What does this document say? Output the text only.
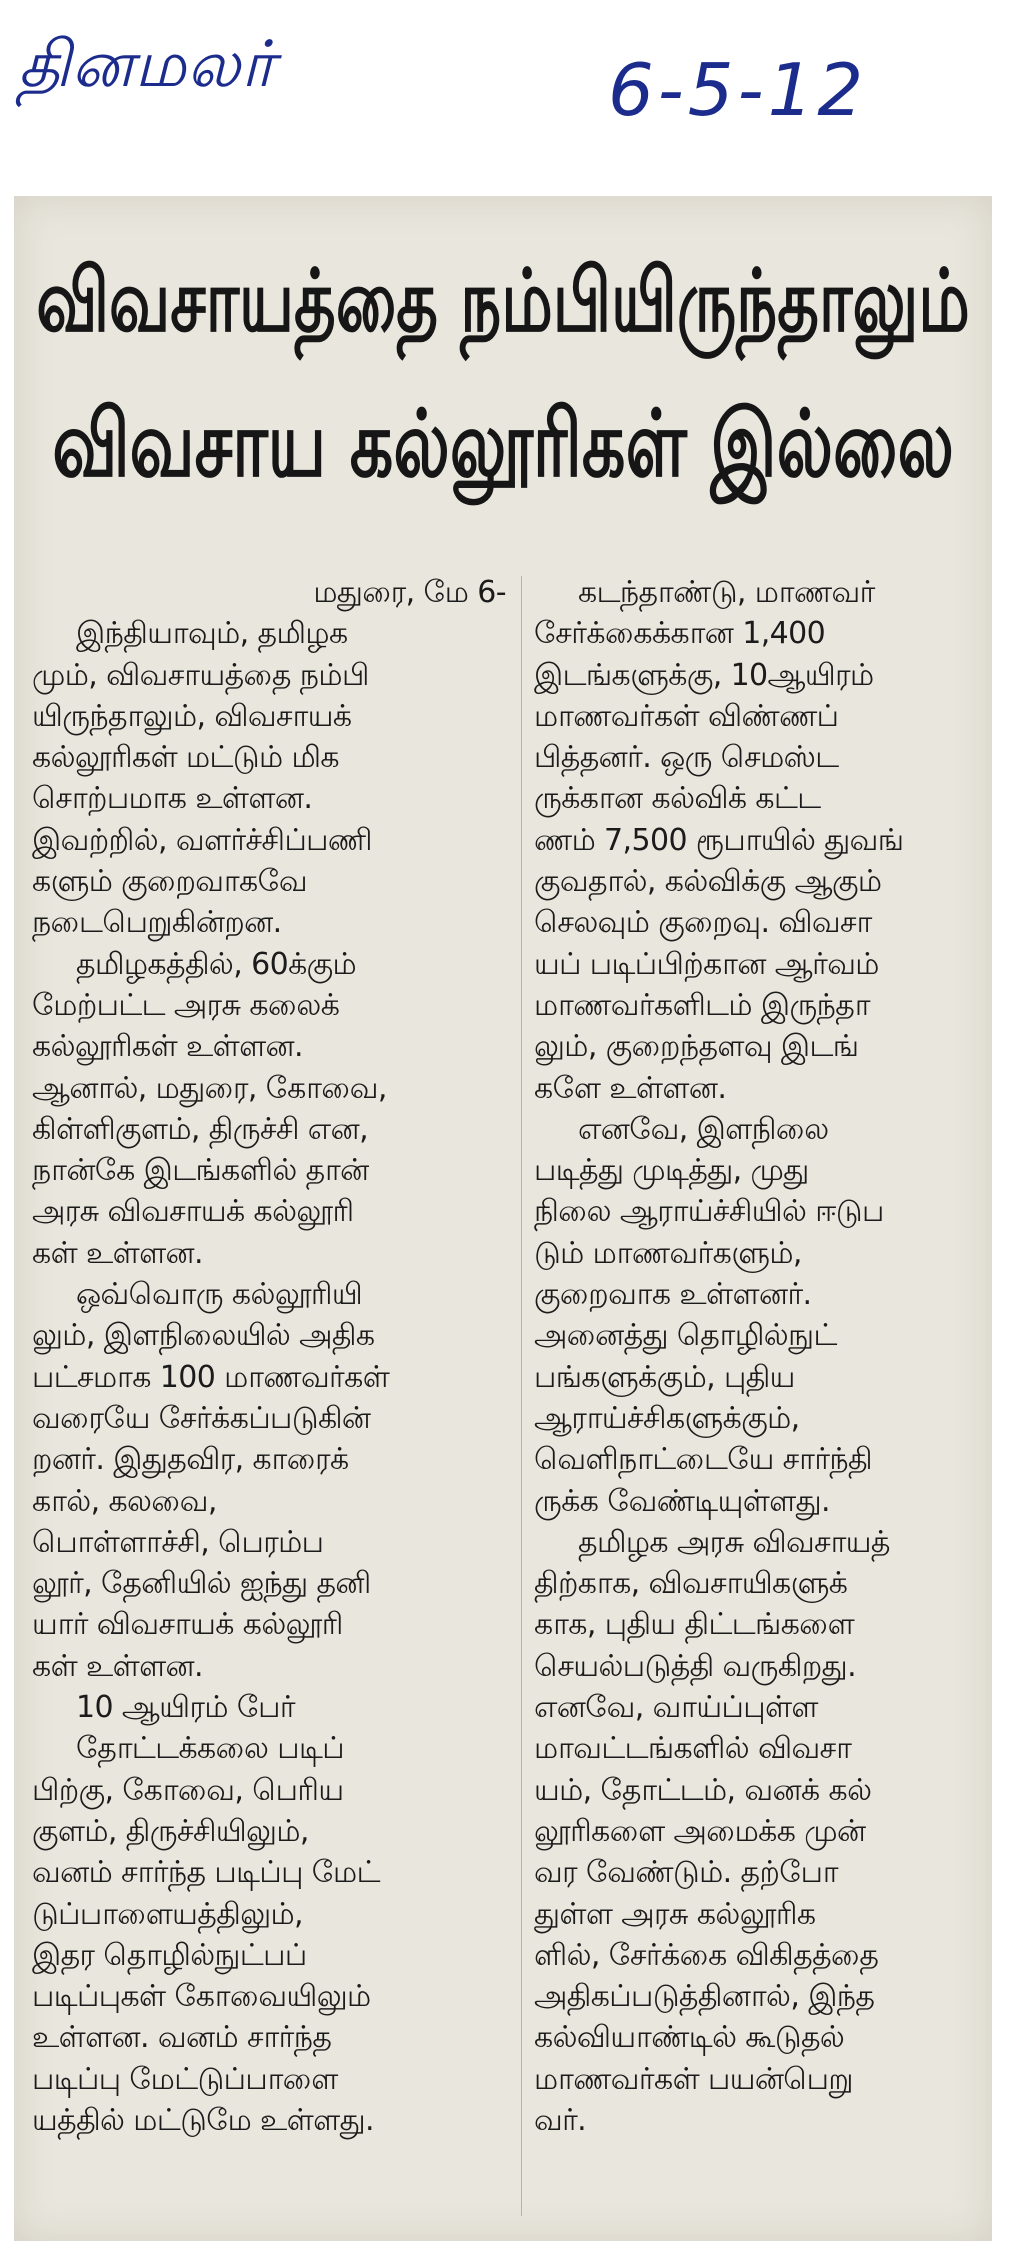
தினமலர்	6-5-12
விவசாயத்தை நம்பியிருந்தாலும்
விவசாய கல்லூரிகள் இல்லை
மதுரை, மே 6-
இந்தியாவும், தமிழக
மும், விவசாயத்தை நம்பி
யிருந்தாலும், விவசாயக்
கல்லூரிகள் மட்டும் மிக
சொற்பமாக உள்ளன.
இவற்றில், வளர்ச்சிப்பணி
களும் குறைவாகவே
நடைபெறுகின்றன.
தமிழகத்தில், 60க்கும்
மேற்பட்ட அரசு கலைக்
கல்லூரிகள் உள்ளன.
ஆனால், மதுரை, கோவை,
கிள்ளிகுளம், திருச்சி என,
நான்கே இடங்களில் தான்
அரசு விவசாயக் கல்லூரி
கள் உள்ளன.
ஒவ்வொரு கல்லூரியி
லும், இளநிலையில் அதிக
பட்சமாக 100 மாணவர்கள்
வரையே சேர்க்கப்படுகின்
றனர். இதுதவிர, காரைக்
கால், கலவை,
பொள்ளாச்சி, பெரம்ப
லூர், தேனியில் ஐந்து தனி
யார் விவசாயக் கல்லூரி
கள் உள்ளன.
10 ஆயிரம் பேர்
தோட்டக்கலை படிப்
பிற்கு, கோவை, பெரிய
குளம், திருச்சியிலும்,
வனம் சார்ந்த படிப்பு மேட்
டுப்பாளையத்திலும்,
இதர தொழில்நுட்பப்
படிப்புகள் கோவையிலும்
உள்ளன. வனம் சார்ந்த
படிப்பு மேட்டுப்பாளை
யத்தில் மட்டுமே உள்ளது.
கடந்தாண்டு, மாணவர்
சேர்க்கைக்கான 1,400
இடங்களுக்கு, 10ஆயிரம்
மாணவர்கள் விண்ணப்
பித்தனர். ஒரு செமஸ்ட
ருக்கான கல்விக் கட்ட
ணம் 7,500 ரூபாயில் துவங்
குவதால், கல்விக்கு ஆகும்
செலவும் குறைவு. விவசா
யப் படிப்பிற்கான ஆர்வம்
மாணவர்களிடம் இருந்தா
லும், குறைந்தளவு இடங்
களே உள்ளன.
எனவே, இளநிலை
படித்து முடித்து, முது
நிலை ஆராய்ச்சியில் ஈடுப
டும் மாணவர்களும்,
குறைவாக உள்ளனர்.
அனைத்து தொழில்நுட்
பங்களுக்கும், புதிய
ஆராய்ச்சிகளுக்கும்,
வெளிநாட்டையே சார்ந்தி
ருக்க வேண்டியுள்ளது.
தமிழக அரசு விவசாயத்
திற்காக, விவசாயிகளுக்
காக, புதிய திட்டங்களை
செயல்படுத்தி வருகிறது.
எனவே, வாய்ப்புள்ள
மாவட்டங்களில் விவசா
யம், தோட்டம், வனக் கல்
லூரிகளை அமைக்க முன்
வர வேண்டும். தற்போ
துள்ள அரசு கல்லூரிக
ளில், சேர்க்கை விகிதத்தை
அதிகப்படுத்தினால், இந்த
கல்வியாண்டில் கூடுதல்
மாணவர்கள் பயன்பெறு
வர்.
